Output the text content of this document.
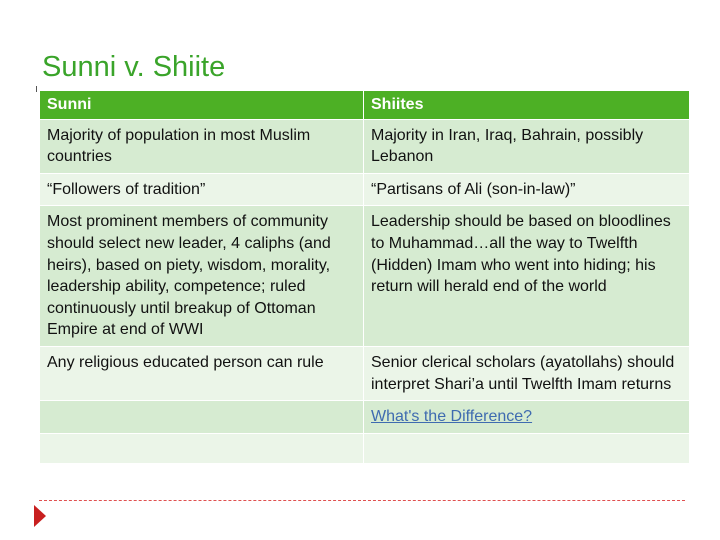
Sunni v. Shiite
Sunni	Shiites
Majority of population in most Muslim countries	Majority in Iran, Iraq, Bahrain, possibly Lebanon
“Followers of tradition”	“Partisans of Ali (son-in-law)”
Most prominent members of community should select new leader, 4 caliphs (and heirs), based on piety, wisdom, morality, leadership ability, competence; ruled continuously until breakup of Ottoman Empire at end of WWI	Leadership should be based on bloodlines to Muhammad…all the way to Twelfth (Hidden) Imam who went into hiding; his return will herald end of the world
Any religious educated person can rule	Senior clerical scholars (ayatollahs) should interpret Shari’a until Twelfth Imam returns
	What's the Difference?
